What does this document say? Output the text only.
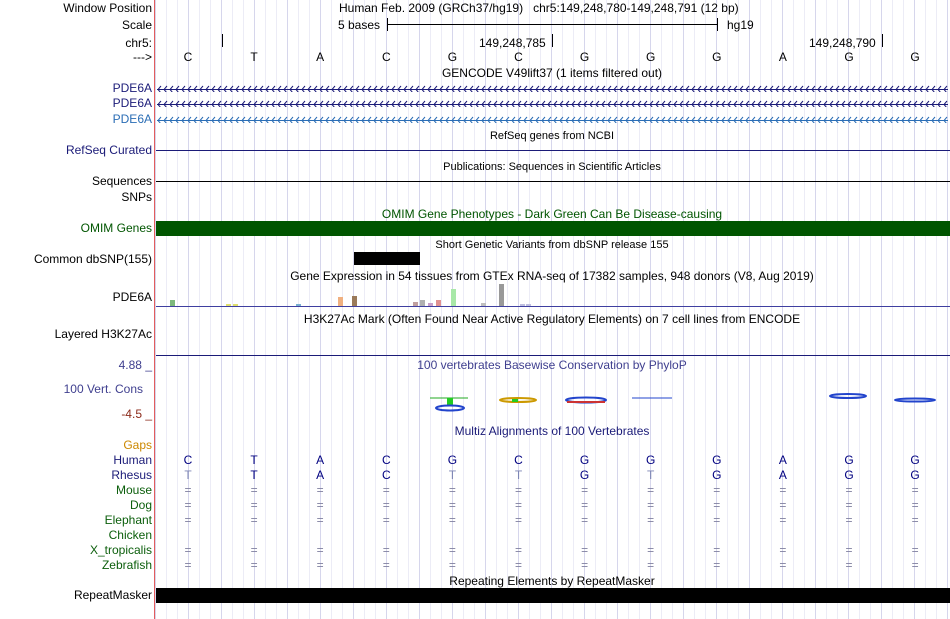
Window Position	Human Feb. 2009 (GRCh37/hg19) chr5:149,248,780-149,248,791 (12 bp)
Scale	5 bases	hg19
chr5:	149,248,785	149,248,790
--->	C	T	A	C	G	C	G	G	G	A	G	G
GENCODE V49lift37 (1 items filtered out)
PDE6A
PDE6A
PDE6A
RefSeq genes from NCBI
RefSeq Curated
Publications: Sequences in Scientific Articles
Sequences
SNPs
OMIM Gene Phenotypes - Dark Green Can Be Disease-causing
OMIM Genes
Short Genetic Variants from dbSNP release 155
Common dbSNP(155)
Gene Expression in 54 tissues from GTEx RNA-seq of 17382 samples, 948 donors (V8, Aug 2019)
PDE6A
H3K27Ac Mark (Often Found Near Active Regulatory Elements) on 7 cell lines from ENCODE
Layered H3K27Ac
100 vertebrates Basewise Conservation by PhyloP
4.88 _
100 Vert. Cons
-4.5 _
Multiz Alignments of 100 Vertebrates
Gaps
Human	C	T	A	C	G	C	G	G	G	A	G	G
Rhesus	T	T	A	C	T	T	G	T	G	A	G	G
Mouse	=	=	=	=	=	=	=	=	=	=	=	=
Dog	=	=	=	=	=	=	=	=	=	=	=	=
Elephant	=	=	=	=	=	=	=	=	=	=	=	=
Chicken
X_tropicalis	=	=	=	=	=	=	=	=	=	=	=	=
Zebrafish	=	=	=	=	=	=	=	=	=	=	=	=
Repeating Elements by RepeatMasker
RepeatMasker
